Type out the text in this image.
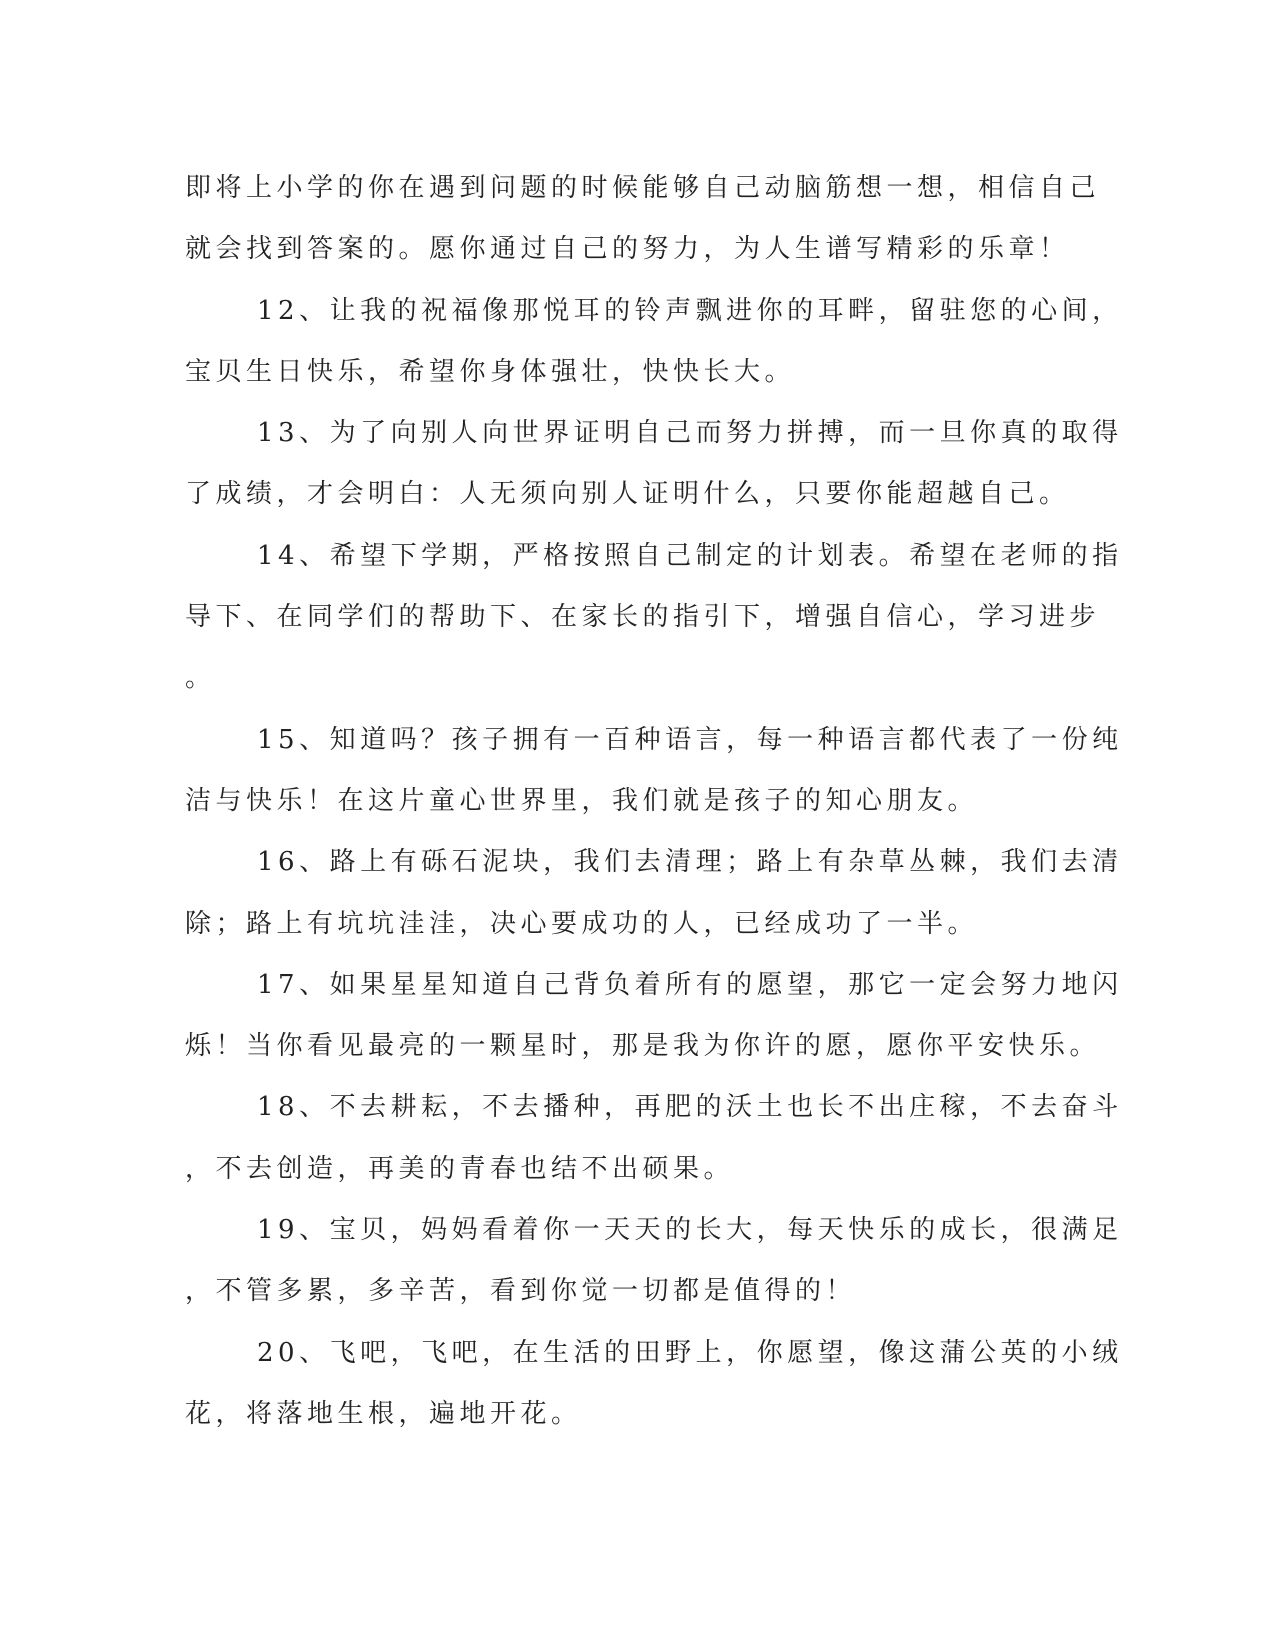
即将上小学的你在遇到问题的时候能够自己动脑筋想一想，相信自己
就会找到答案的。愿你通过自己的努力，为人生谱写精彩的乐章！
12、让我的祝福像那悦耳的铃声飘进你的耳畔，留驻您的心间，
宝贝生日快乐，希望你身体强壮，快快长大。
13、为了向别人向世界证明自己而努力拼搏，而一旦你真的取得
了成绩，才会明白：人无须向别人证明什么，只要你能超越自己。
14、希望下学期，严格按照自己制定的计划表。希望在老师的指
导下、在同学们的帮助下、在家长的指引下，增强自信心，学习进步
。
15、知道吗？孩子拥有一百种语言，每一种语言都代表了一份纯
洁与快乐！在这片童心世界里，我们就是孩子的知心朋友。
16、路上有砾石泥块，我们去清理；路上有杂草丛棘，我们去清
除；路上有坑坑洼洼，决心要成功的人，已经成功了一半。
17、如果星星知道自己背负着所有的愿望，那它一定会努力地闪
烁！当你看见最亮的一颗星时，那是我为你许的愿，愿你平安快乐。
18、不去耕耘，不去播种，再肥的沃土也长不出庄稼，不去奋斗
，不去创造，再美的青春也结不出硕果。
19、宝贝，妈妈看着你一天天的长大，每天快乐的成长，很满足
，不管多累，多辛苦，看到你觉一切都是值得的！
20、飞吧，飞吧，在生活的田野上，你愿望，像这蒲公英的小绒
花，将落地生根，遍地开花。
